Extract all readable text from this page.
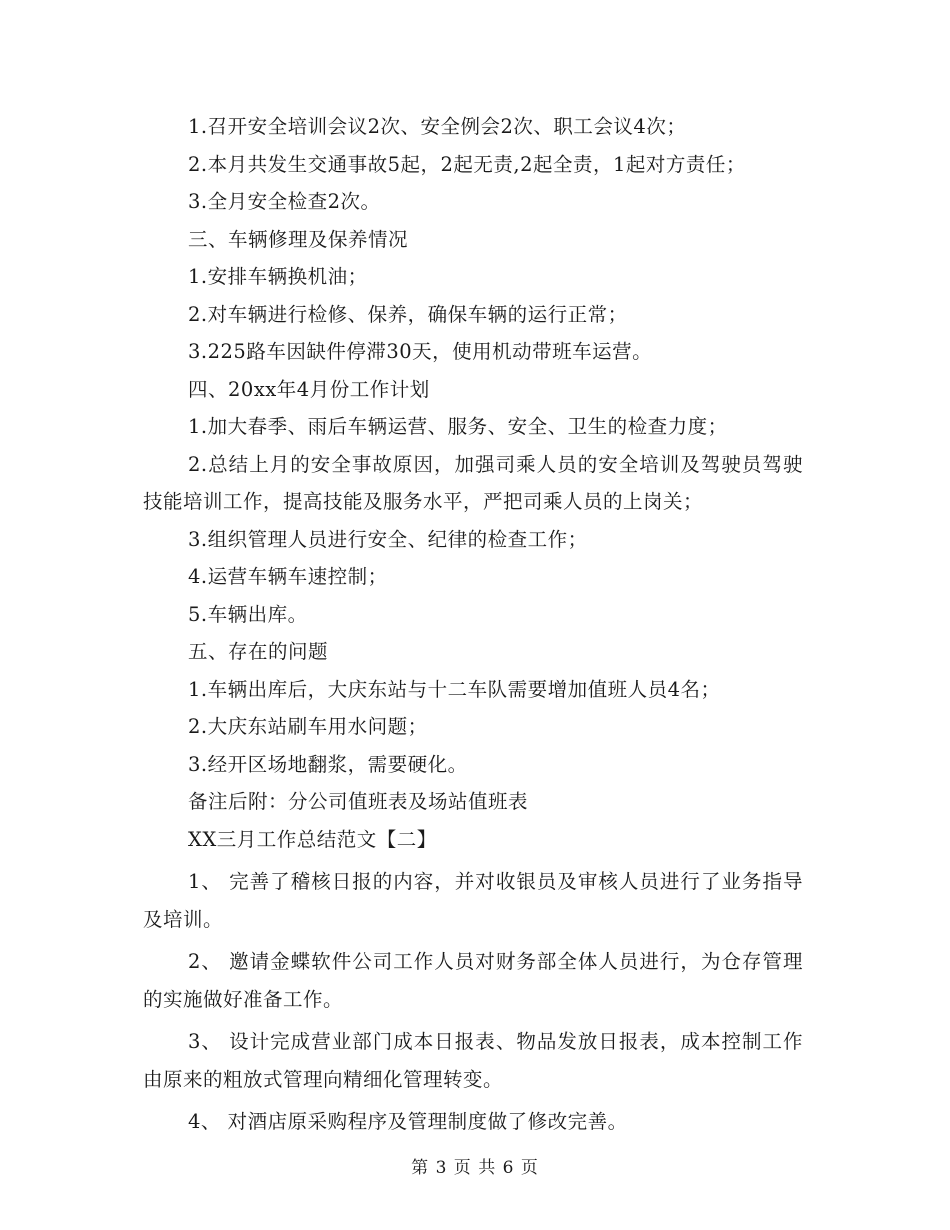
1.召开安全培训会议2次、安全例会2次、职工会议4次；

2.本月共发生交通事故5起，2起无责,2起全责，1起对方责任；

3.全月安全检查2次。

三、车辆修理及保养情况

1.安排车辆换机油；

2.对车辆进行检修、保养，确保车辆的运行正常；

3.225路车因缺件停滞30天，使用机动带班车运营。

四、20xx年4月份工作计划

1.加大春季、雨后车辆运营、服务、安全、卫生的检查力度；

2.总结上月的安全事故原因，加强司乘人员的安全培训及驾驶员驾驶技能培训工作，提高技能及服务水平，严把司乘人员的上岗关；

3.组织管理人员进行安全、纪律的检查工作；

4.运营车辆车速控制；

5.车辆出库。

五、存在的问题

1.车辆出库后，大庆东站与十二车队需要增加值班人员4名；

2.大庆东站刷车用水问题；

3.经开区场地翻浆，需要硬化。

备注后附：分公司值班表及场站值班表

XX三月工作总结范文【二】

1、 完善了稽核日报的内容，并对收银员及审核人员进行了业务指导及培训。

2、 邀请金蝶软件公司工作人员对财务部全体人员进行，为仓存管理的实施做好准备工作。

3、 设计完成营业部门成本日报表、物品发放日报表，成本控制工作由原来的粗放式管理向精细化管理转变。

4、 对酒店原采购程序及管理制度做了修改完善。

第 3 页 共 6 页
